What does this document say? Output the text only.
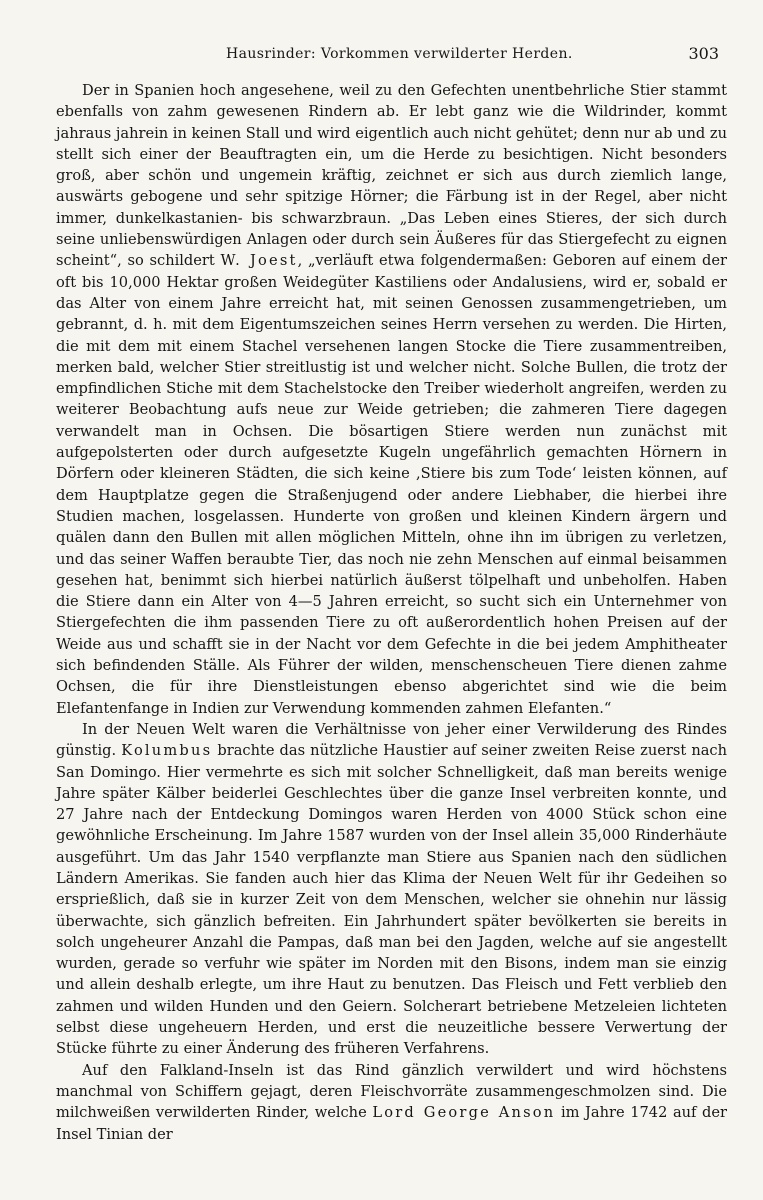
Hausrinder: Vorkommen verwilderter Herden.	303

Der in Spanien hoch angesehene, weil zu den Gefechten unentbehrliche Stier stammt ebenfalls von zahm gewesenen Rindern ab. Er lebt ganz wie die Wildrinder, kommt jahraus jahrein in keinen Stall und wird eigentlich auch nicht gehütet; denn nur ab und zu stellt sich einer der Beauftragten ein, um die Herde zu besichtigen. Nicht besonders groß, aber schön und ungemein kräftig, zeichnet er sich aus durch ziemlich lange, auswärts gebogene und sehr spitzige Hörner; die Färbung ist in der Regel, aber nicht immer, dunkelkastanien- bis schwarzbraun. „Das Leben eines Stieres, der sich durch seine unliebenswürdigen Anlagen oder durch sein Äußeres für das Stiergefecht zu eignen scheint“, so schildert W. Joest, „verläuft etwa folgendermaßen: Geboren auf einem der oft bis 10,000 Hektar großen Weidegüter Kastiliens oder Andalusiens, wird er, sobald er das Alter von einem Jahre erreicht hat, mit seinen Genossen zusammengetrieben, um gebrannt, d. h. mit dem Eigentumszeichen seines Herrn versehen zu werden. Die Hirten, die mit dem mit einem Stachel versehenen langen Stocke die Tiere zusammentreiben, merken bald, welcher Stier streitlustig ist und welcher nicht. Solche Bullen, die trotz der empfindlichen Stiche mit dem Stachelstocke den Treiber wiederholt angreifen, werden zu weiterer Beobachtung aufs neue zur Weide getrieben; die zahmeren Tiere dagegen verwandelt man in Ochsen. Die bösartigen Stiere werden nun zunächst mit aufgepolsterten oder durch aufgesetzte Kugeln ungefährlich gemachten Hörnern in Dörfern oder kleineren Städten, die sich keine ‚Stiere bis zum Tode‘ leisten können, auf dem Hauptplatze gegen die Straßenjugend oder andere Liebhaber, die hierbei ihre Studien machen, losgelassen. Hunderte von großen und kleinen Kindern ärgern und quälen dann den Bullen mit allen möglichen Mitteln, ohne ihn im übrigen zu verletzen, und das seiner Waffen beraubte Tier, das noch nie zehn Menschen auf einmal beisammen gesehen hat, benimmt sich hierbei natürlich äußerst tölpelhaft und unbeholfen. Haben die Stiere dann ein Alter von 4—5 Jahren erreicht, so sucht sich ein Unternehmer von Stiergefechten die ihm passenden Tiere zu oft außerordentlich hohen Preisen auf der Weide aus und schafft sie in der Nacht vor dem Gefechte in die bei jedem Amphitheater sich befindenden Ställe. Als Führer der wilden, menschenscheuen Tiere dienen zahme Ochsen, die für ihre Dienstleistungen ebenso abgerichtet sind wie die beim Elefantenfange in Indien zur Verwendung kommenden zahmen Elefanten.“

In der Neuen Welt waren die Verhältnisse von jeher einer Verwilderung des Rindes günstig. Kolumbus brachte das nützliche Haustier auf seiner zweiten Reise zuerst nach San Domingo. Hier vermehrte es sich mit solcher Schnelligkeit, daß man bereits wenige Jahre später Kälber beiderlei Geschlechtes über die ganze Insel verbreiten konnte, und 27 Jahre nach der Entdeckung Domingos waren Herden von 4000 Stück schon eine gewöhnliche Erscheinung. Im Jahre 1587 wurden von der Insel allein 35,000 Rinderhäute ausgeführt. Um das Jahr 1540 verpflanzte man Stiere aus Spanien nach den südlichen Ländern Amerikas. Sie fanden auch hier das Klima der Neuen Welt für ihr Gedeihen so ersprießlich, daß sie in kurzer Zeit von dem Menschen, welcher sie ohnehin nur lässig überwachte, sich gänzlich befreiten. Ein Jahrhundert später bevölkerten sie bereits in solch ungeheurer Anzahl die Pampas, daß man bei den Jagden, welche auf sie angestellt wurden, gerade so verfuhr wie später im Norden mit den Bisons, indem man sie einzig und allein deshalb erlegte, um ihre Haut zu benutzen. Das Fleisch und Fett verblieb den zahmen und wilden Hunden und den Geiern. Solcherart betriebene Metzeleien lichteten selbst diese ungeheuern Herden, und erst die neuzeitliche bessere Verwertung der Stücke führte zu einer Änderung des früheren Verfahrens.

Auf den Falkland-Inseln ist das Rind gänzlich verwildert und wird höchstens manchmal von Schiffern gejagt, deren Fleischvorräte zusammengeschmolzen sind. Die milchweißen verwilderten Rinder, welche Lord George Anson im Jahre 1742 auf der Insel Tinian der
